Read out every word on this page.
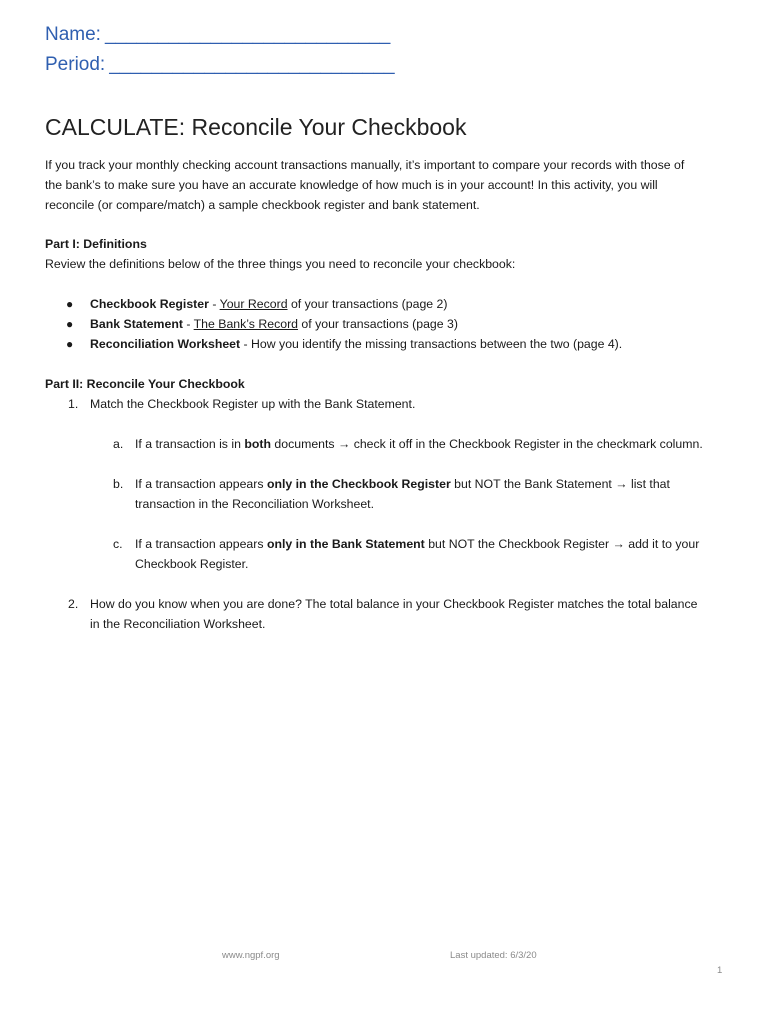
Name: ___________________________
Period: ___________________________
CALCULATE: Reconcile Your Checkbook
If you track your monthly checking account transactions manually, it’s important to compare your records with those of
the bank’s to make sure you have an accurate knowledge of how much is in your account! In this activity, you will
reconcile (or compare/match) a sample checkbook register and bank statement.
Part I: Definitions
Review the definitions below of the three things you need to reconcile your checkbook:
● Checkbook Register - Your Record of your transactions (page 2)
● Bank Statement - The Bank’s Record of your transactions (page 3)
● Reconciliation Worksheet - How you identify the missing transactions between the two (page 4).
Part II: Reconcile Your Checkbook
1. Match the Checkbook Register up with the Bank Statement.
a. If a transaction is in both documents → check it off in the Checkbook Register in the checkmark column.
b. If a transaction appears only in the Checkbook Register but NOT the Bank Statement → list that
transaction in the Reconciliation Worksheet.
c. If a transaction appears only in the Bank Statement but NOT the Checkbook Register → add it to your
Checkbook Register.
2. How do you know when you are done? The total balance in your Checkbook Register matches the total balance
in the Reconciliation Worksheet.
www.ngpf.org	Last updated: 6/3/20
1
